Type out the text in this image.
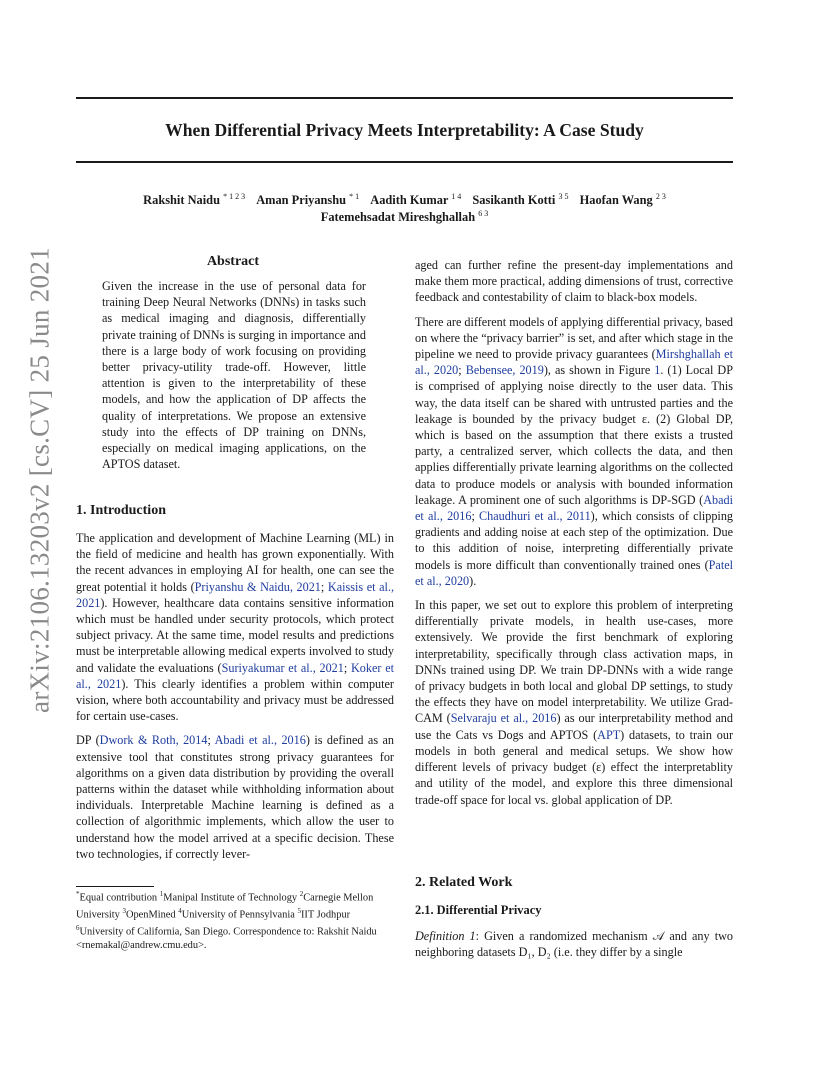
When Differential Privacy Meets Interpretability: A Case Study
arXiv:2106.13203v2 [cs.CV] 25 Jun 2021
Rakshit Naidu $^{* 1 2 3}$ Aman Priyanshu $^{* 1}$ Aadith Kumar $^{1 4}$ Sasikanth Kotti $^{3 5}$ Haofan Wang $^{2 3}$
Fatemehsadat Mireshghallah $^{6 3}$
Abstract

Given the increase in the use of personal data for training Deep Neural Networks (DNNs) in tasks such as medical imaging and diagnosis, differentially private training of DNNs is surging in importance and there is a large body of work focusing on providing better privacy-utility trade-off. However, little attention is given to the interpretability of these models, and how the application of DP affects the quality of interpretations. We propose an extensive study into the effects of DP training on DNNs, especially on medical imaging applications, on the APTOS dataset.

1. Introduction

The application and development of Machine Learning (ML) in the field of medicine and health has grown exponentially. With the recent advances in employing AI for health, one can see the great potential it holds (Priyanshu & Naidu, 2021; Kaissis et al., 2021). However, healthcare data contains sensitive information which must be handled under security protocols, which protect subject privacy. At the same time, model results and predictions must be interpretable allowing medical experts involved to study and validate the evaluations (Suriyakumar et al., 2021; Koker et al., 2021). This clearly identifies a problem within computer vision, where both accountability and privacy must be addressed for certain use-cases.

DP (Dwork & Roth, 2014; Abadi et al., 2016) is defined as an extensive tool that constitutes strong privacy guarantees for algorithms on a given data distribution by providing the overall patterns within the dataset while withholding information about individuals. Interpretable Machine learning is defined as a collection of algorithmic implements, which allow the user to understand how the model arrived at a specific decision. These two technologies, if correctly lever-

*Equal contribution $^1$Manipal Institute of Technology $^2$Carnegie Mellon University $^3$OpenMined $^4$University of Pennsylvania $^5$IIT Jodhpur $^6$University of California, San Diego. Correspondence to: Rakshit Naidu <rnemakal@andrew.cmu.edu>.

aged can further refine the present-day implementations and make them more practical, adding dimensions of trust, corrective feedback and contestability of claim to black-box models.

There are different models of applying differential privacy, based on where the “privacy barrier” is set, and after which stage in the pipeline we need to provide privacy guarantees (Mirshghallah et al., 2020; Bebensee, 2019), as shown in Figure 1. (1) Local DP is comprised of applying noise directly to the user data. This way, the data itself can be shared with untrusted parties and the leakage is bounded by the privacy budget ε. (2) Global DP, which is based on the assumption that there exists a trusted party, a centralized server, which collects the data, and then applies differentially private learning algorithms on the collected data to produce models or analysis with bounded information leakage. A prominent one of such algorithms is DP-SGD (Abadi et al., 2016; Chaudhuri et al., 2011), which consists of clipping gradients and adding noise at each step of the optimization. Due to this addition of noise, interpreting differentially private models is more difficult than conventionally trained ones (Patel et al., 2020).

In this paper, we set out to explore this problem of interpreting differentially private models, in health use-cases, more extensively. We provide the first benchmark of exploring interpretability, specifically through class activation maps, in DNNs trained using DP. We train DP-DNNs with a wide range of privacy budgets in both local and global DP settings, to study the effects they have on model interpretability. We utilize Grad-CAM (Selvaraju et al., 2016) as our interpretability method and use the Cats vs Dogs and APTOS (APT) datasets, to train our models in both general and medical setups. We show how different levels of privacy budget (ε) effect the interpretablity and utility of the model, and explore this three dimensional trade-off space for local vs. global application of DP.

2. Related Work
2.1. Differential Privacy
Definition 1: Given a randomized mechanism 𝒜 and any two neighboring datasets D₁, D₂ (i.e. they differ by a single
